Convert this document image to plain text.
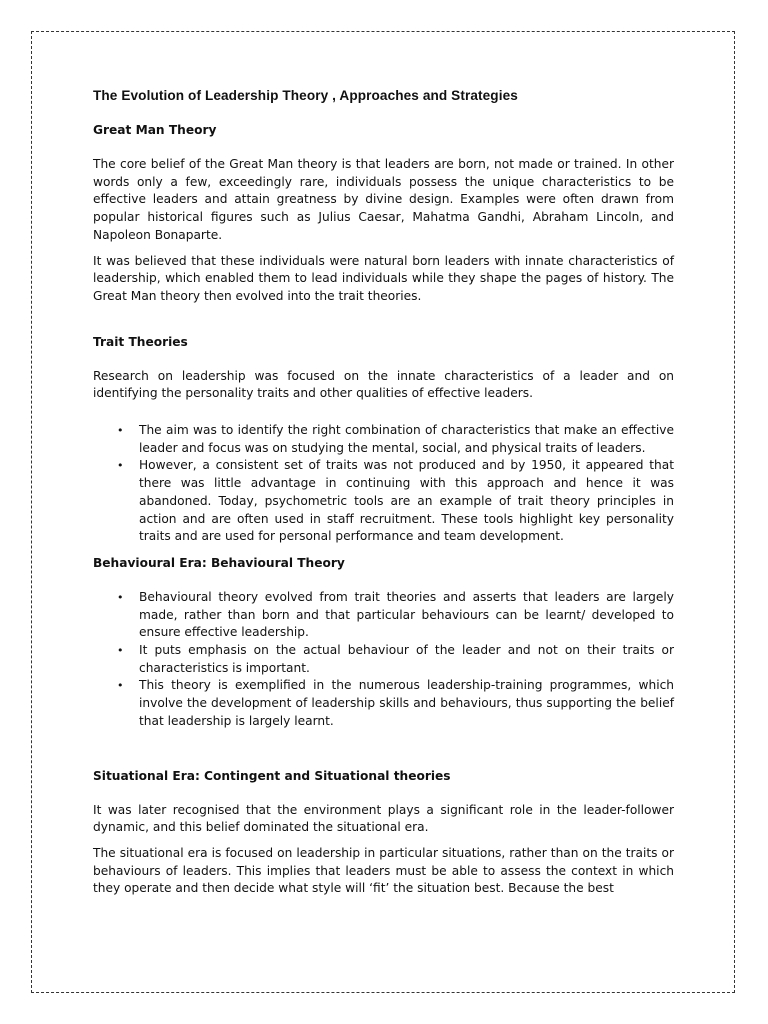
The Evolution of Leadership Theory , Approaches and Strategies
Great Man Theory

The core belief of the Great Man theory is that leaders are born, not made or trained. In other words only a few, exceedingly rare, individuals possess the unique characteristics to be effective leaders and attain greatness by divine design. Examples were often drawn from popular historical figures such as Julius Caesar, Mahatma Gandhi, Abraham Lincoln, and Napoleon Bonaparte.

It was believed that these individuals were natural born leaders with innate characteristics of leadership, which enabled them to lead individuals while they shape the pages of history. The Great Man theory then evolved into the trait theories.

Trait Theories

Research on leadership was focused on the innate characteristics of a leader and on identifying the personality traits and other qualities of effective leaders.

• The aim was to identify the right combination of characteristics that make an effective leader and focus was on studying the mental, social, and physical traits of leaders.
• However, a consistent set of traits was not produced and by 1950, it appeared that there was little advantage in continuing with this approach and hence it was abandoned. Today, psychometric tools are an example of trait theory principles in action and are often used in staff recruitment. These tools highlight key personality traits and are used for personal performance and team development.
Behavioural Era: Behavioural Theory
• Behavioural theory evolved from trait theories and asserts that leaders are largely made, rather than born and that particular behaviours can be learnt/ developed to ensure effective leadership.
• It puts emphasis on the actual behaviour of the leader and not on their traits or characteristics is important.
• This theory is exemplified in the numerous leadership-training programmes, which involve the development of leadership skills and behaviours, thus supporting the belief that leadership is largely learnt.
Situational Era: Contingent and Situational theories

It was later recognised that the environment plays a significant role in the leader-follower dynamic, and this belief dominated the situational era.

The situational era is focused on leadership in particular situations, rather than on the traits or behaviours of leaders. This implies that leaders must be able to assess the context in which they operate and then decide what style will ‘fit’ the situation best. Because the best
